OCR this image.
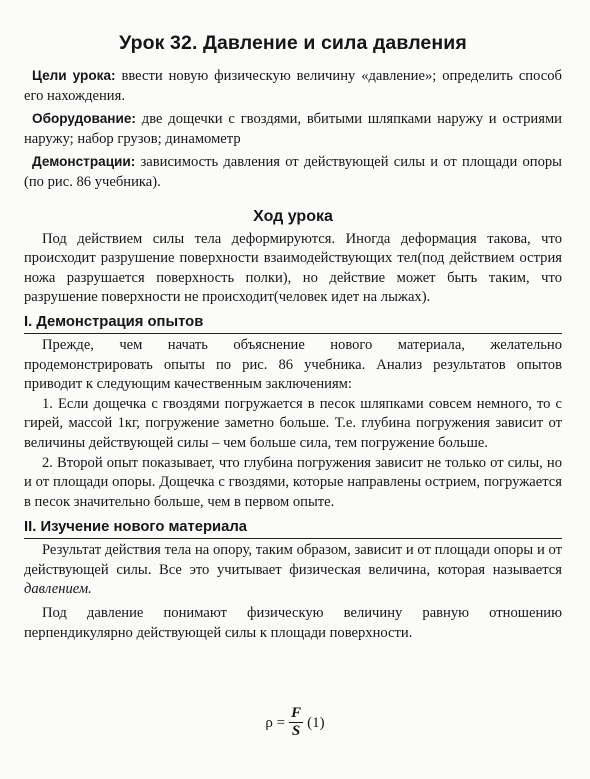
Урок 32. Давление и сила давления

Цели урока: ввести новую физическую величину «давление»; определить способ его нахождения.

Оборудование: две дощечки с гвоздями, вбитыми шляпками наружу и остриями наружу; набор грузов; динамометр

Демонстрации: зависимость давления от действующей силы и от площади опоры (по рис. 86 учебника).

Ход урока

Под действием силы тела деформируются. Иногда деформация такова, что происходит разрушение поверхности взаимодействующих тел(под действием острия ножа разрушается поверхность полки), но действие может быть таким, что разрушение поверхности не происходит(человек идет на лыжах).

I. Демонстрация опытов

Прежде, чем начать объяснение нового материала, желательно продемонстрировать опыты по рис. 86 учебника. Анализ результатов опытов приводит к следующим качественным заключениям:

1. Если дощечка с гвоздями погружается в песок шляпками совсем немного, то с гирей, массой 1кг, погружение заметно больше. Т.е. глубина погружения зависит от величины действующей силы – чем больше сила, тем погружение больше.

2. Второй опыт показывает, что глубина погружения зависит не только от силы, но и от площади опоры. Дощечка с гвоздями, которые направлены острием, погружается в песок значительно больше, чем в первом опыте.

II. Изучение нового материала

Результат действия тела на опору, таким образом, зависит и от площади опоры и от действующей силы. Все это учитывает физическая величина, которая называется давлением.

Под давление понимают физическую величину равную отношению перпендикулярно действующей силы к площади поверхности.

$\rho = \frac{F}{S} (1)$
